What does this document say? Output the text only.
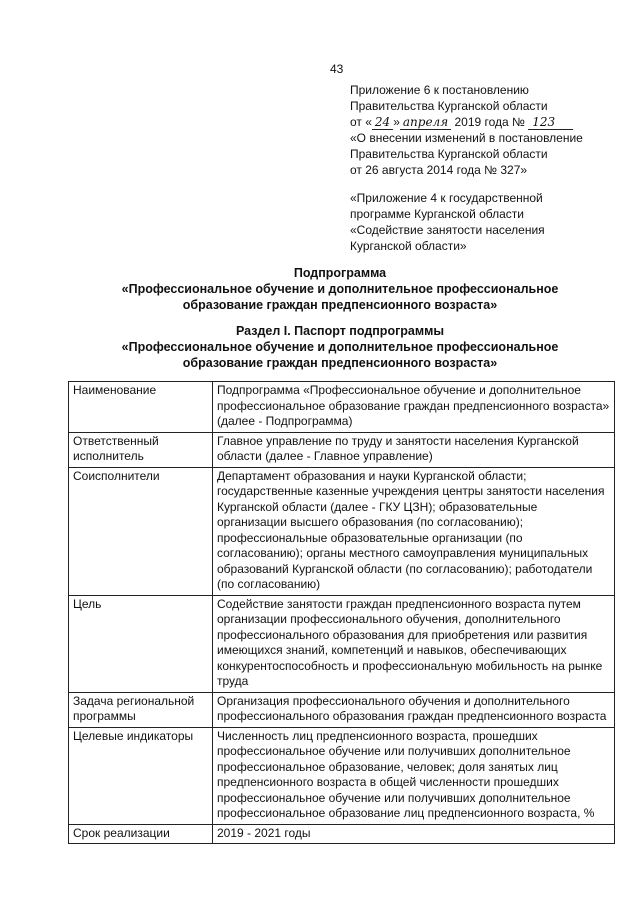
43
Приложение 6 к постановлению
Правительства Курганской области
от « 24 » апреля 2019 года № 123
«О внесении изменений в постановление
Правительства Курганской области
от 26 августа 2014 года № 327»
«Приложение 4 к государственной
программе Курганской области
«Содействие занятости населения
Курганской области»
Подпрограмма
«Профессиональное обучение и дополнительное профессиональное
образование граждан предпенсионного возраста»
Раздел I. Паспорт подпрограммы
«Профессиональное обучение и дополнительное профессиональное
образование граждан предпенсионного возраста»
Наименование	Подпрограмма «Профессиональное обучение и дополнительное профессиональное образование граждан предпенсионного возраста» (далее - Подпрограмма)
Ответственный исполнитель	Главное управление по труду и занятости населения Курганской области (далее - Главное управление)
Соисполнители	Департамент образования и науки Курганской области; государственные казенные учреждения центры занятости населения Курганской области (далее - ГКУ ЦЗН); образовательные организации высшего образования (по согласованию); профессиональные образовательные организации (по согласованию); органы местного самоуправления муниципальных образований Курганской области (по согласованию); работодатели (по согласованию)
Цель	Содействие занятости граждан предпенсионного возраста путем организации профессионального обучения, дополнительного профессионального образования для приобретения или развития имеющихся знаний, компетенций и навыков, обеспечивающих конкурентоспособность и профессиональную мобильность на рынке труда
Задача региональной программы	Организация профессионального обучения и дополнительного профессионального образования граждан предпенсионного возраста
Целевые индикаторы	Численность лиц предпенсионного возраста, прошедших профессиональное обучение или получивших дополнительное профессиональное образование, человек; доля занятых лиц предпенсионного возраста в общей численности прошедших профессиональное обучение или получивших дополнительное профессиональное образование лиц предпенсионного возраста, %
Срок реализации	2019 - 2021 годы
